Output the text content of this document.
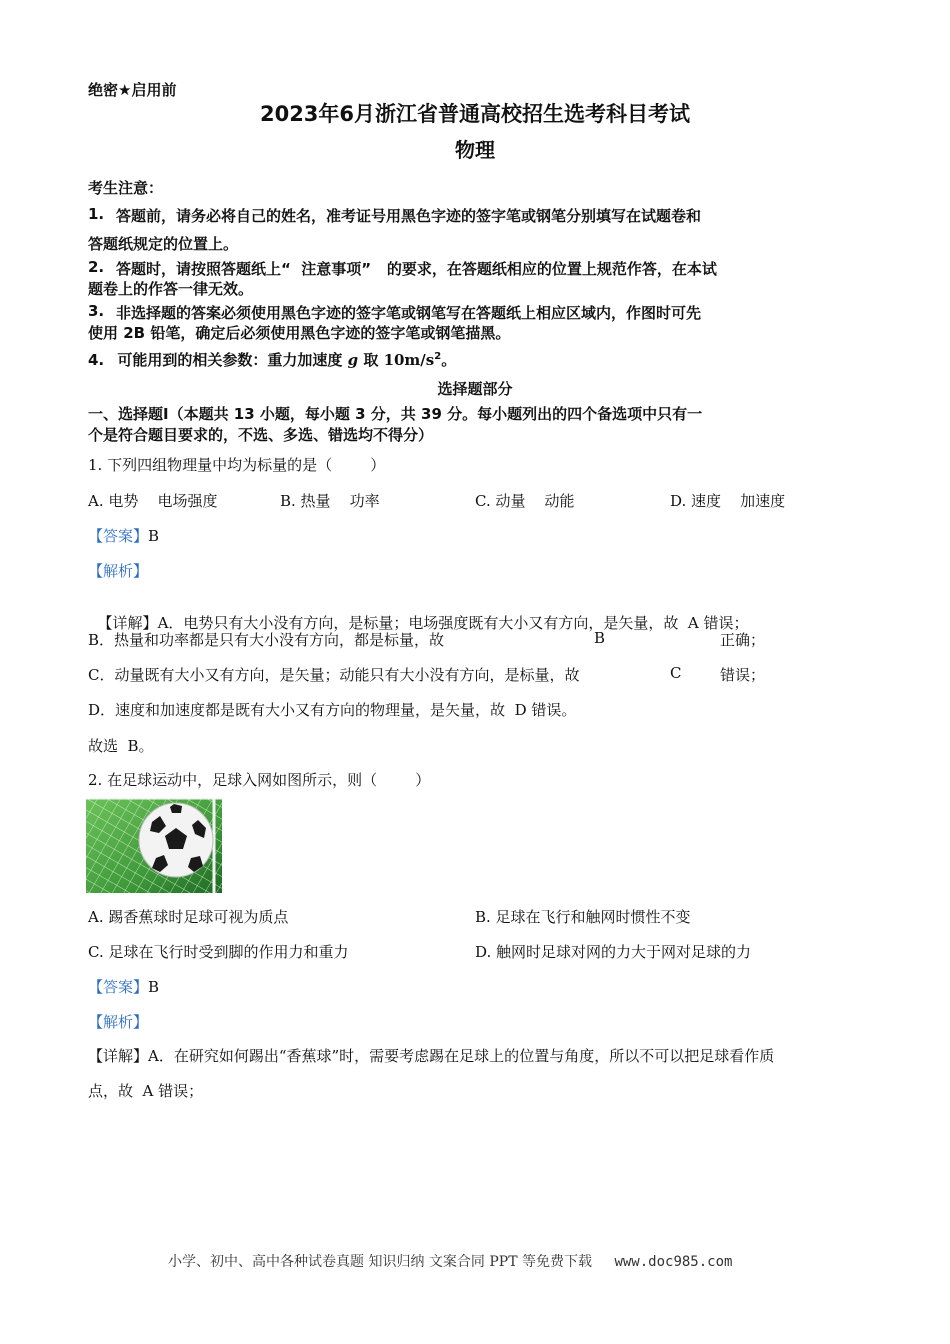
绝密★启用前
2023年6月浙江省普通高校招生选考科目考试
物理
考生注意：
1. 答题前，请务必将自己的姓名，准考证号用黑色字迹的签字笔或钢笔分别填写在试题卷和
答题纸规定的位置上。
2. 答题时，请按照答题纸上“  注意事项”   的要求，在答题纸相应的位置上规范作答，在本试
题卷上的作答一律无效。
3. 非选择题的答案必须使用黑色字迹的签字笔或钢笔写在答题纸上相应区域内，作图时可先
使用 2B 铅笔，确定后必须使用黑色字迹的签字笔或钢笔描黑。
4. 可能用到的相关参数：重力加速度 g 取 $10m/s^2$。
选择题部分
一、选择题Ⅰ（本题共 13 小题，每小题 3 分，共 39 分。每小题列出的四个备选项中只有一
个是符合题目要求的，不选、多选、错选均不得分）
1. 下列四组物理量中均为标量的是（        ）
A. 电势    电场强度	B. 热量    功率	C. 动量    动能	D. 速度    加速度
【答案】B
【解析】

【详解】A．电势只有大小没有方向，是标量；电场强度既有大小又有方向，是矢量，故  A 错误；

B．热量和功率都是只有大小没有方向，都是标量，故	B	正确；
C．动量既有大小又有方向，是矢量；动能只有大小没有方向，是标量，故	C	错误；
D．速度和加速度都是既有大小又有方向的物理量，是矢量，故  D 错误。
故选  B。
2. 在足球运动中，足球入网如图所示，则（        ）
A. 踢香蕉球时足球可视为质点	B. 足球在飞行和触网时惯性不变
C. 足球在飞行时受到脚的作用力和重力	D. 触网时足球对网的力大于网对足球的力
【答案】B
【解析】
【详解】A．在研究如何踢出“香蕉球”时，需要考虑踢在足球上的位置与角度，所以不可以把足球看作质
点，故  A 错误；
小学、初中、高中各种试卷真题 知识归纳 文案合同 PPT 等免费下载 www.doc985.com
